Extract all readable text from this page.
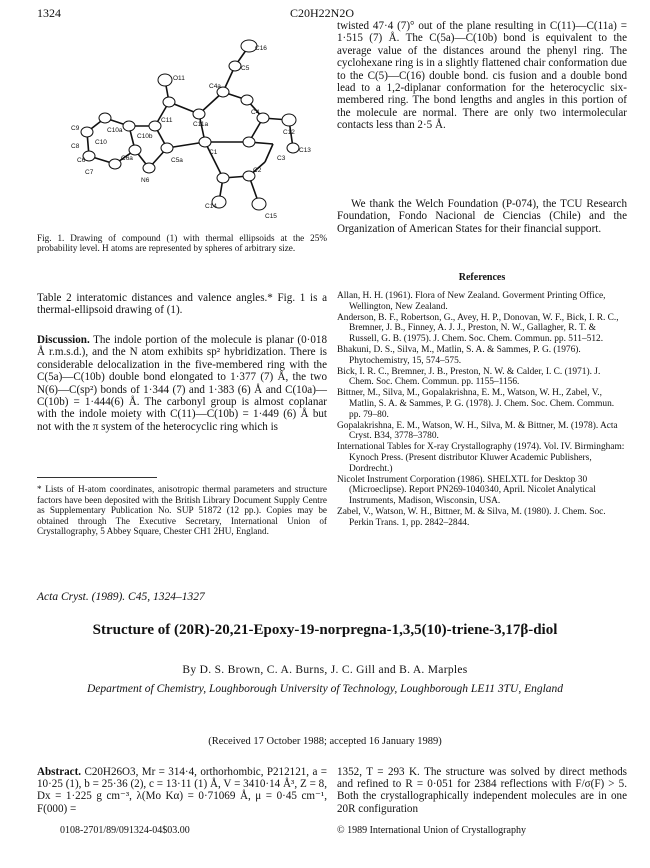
1324	C20H22N2O
C16
C5
C4a
O11
C11
C12
C4
C9	C10a
C10b
C11a
C13
C10
C6
C8
C7
C6a
N6
C5a
C1
C2
C3
C14
C15
Fig. 1. Drawing of compound (1) with thermal ellipsoids at the 25% probability level. H atoms are represented by spheres of arbitrary size.
Table 2 interatomic distances and valence angles.* Fig. 1 is a thermal-ellipsoid drawing of (1).

Discussion. The indole portion of the molecule is planar (0·018 Å r.m.s.d.), and the N atom exhibits sp² hybridization. There is considerable delocalization in the five-membered ring with the C(5a)—C(10b) double bond elongated to 1·377 (7) Å, the two N(6)—C(sp²) bonds of 1·344 (7) and 1·383 (6) Å and C(10a)—C(10b) = 1·444(6) Å. The carbonyl group is almost coplanar with the indole moiety with C(11)—C(10b) = 1·449 (6) Å but not with the π system of the heterocyclic ring which is

* Lists of H-atom coordinates, anisotropic thermal parameters and structure factors have been deposited with the British Library Document Supply Centre as Supplementary Publication No. SUP 51872 (12 pp.). Copies may be obtained through The Executive Secretary, International Union of Crystallography, 5 Abbey Square, Chester CH1 2HU, England.
twisted 47·4 (7)° out of the plane resulting in C(11)—C(11a) = 1·515 (7) Å. The C(5a)—C(10b) bond is equivalent to the average value of the distances around the phenyl ring. The cyclohexane ring is in a slightly flattened chair conformation due to the C(5)—C(16) double bond. cis fusion and a double bond lead to a 1,2-diplanar conformation for the heterocyclic six-membered ring. The bond lengths and angles in this portion of the molecule are normal. There are only two intermolecular contacts less than 2·5 Å.
We thank the Welch Foundation (P-074), the TCU Research Foundation, Fondo Nacional de Ciencias (Chile) and the Organization of American States for their financial support.
References

Allan, H. H. (1961). Flora of New Zealand. Goverment Printing Office, Wellington, New Zealand.

Anderson, B. F., Robertson, G., Avey, H. P., Donovan, W. F., Bick, I. R. C., Bremner, J. B., Finney, A. J. J., Preston, N. W., Gallagher, R. T. & Russell, G. B. (1975). J. Chem. Soc. Chem. Commun. pp. 511–512.

Bhakuni, D. S., Silva, M., Matlin, S. A. & Sammes, P. G. (1976). Phytochemistry, 15, 574–575.

Bick, I. R. C., Bremner, J. B., Preston, N. W. & Calder, I. C. (1971). J. Chem. Soc. Chem. Commun. pp. 1155–1156.

Bittner, M., Silva, M., Gopalakrishna, E. M., Watson, W. H., Zabel, V., Matlin, S. A. & Sammes, P. G. (1978). J. Chem. Soc. Chem. Commun. pp. 79–80.

Gopalakrishna, E. M., Watson, W. H., Silva, M. & Bittner, M. (1978). Acta Cryst. B34, 3778–3780.

International Tables for X-ray Crystallography (1974). Vol. IV. Birmingham: Kynoch Press. (Present distributor Kluwer Academic Publishers, Dordrecht.)

Nicolet Instrument Corporation (1986). SHELXTL for Desktop 30 (Microeclipse). Report PN269-1040340, April. Nicolet Analytical Instruments, Madison, Wisconsin, USA.

Zabel, V., Watson, W. H., Bittner, M. & Silva, M. (1980). J. Chem. Soc. Perkin Trans. 1, pp. 2842–2844.

Acta Cryst. (1989). C45, 1324–1327
Structure of (20R)-20,21-Epoxy-19-norpregna-1,3,5(10)-triene-3,17β-diol
By D. S. Brown, C. A. Burns, J. C. Gill and B. A. Marples
Department of Chemistry, Loughborough University of Technology, Loughborough LE11 3TU, England
(Received 17 October 1988; accepted 16 January 1989)

Abstract. C20H26O3, Mr = 314·4, orthorhombic, P212121, a = 10·25 (1), b = 25·36 (2), c = 13·11 (1) Å, V = 3410·14 Å³, Z = 8, Dx = 1·225 g cm⁻³, λ(Mo Kα) = 0·71069 Å, μ = 0·45 cm⁻¹, F(000) =

1352, T = 293 K. The structure was solved by direct methods and refined to R = 0·051 for 2384 reflections with F/σ(F) > 5. Both the crystallographically independent molecules are in one 20R configuration
0108-2701/89/091324-04$03.00	© 1989 International Union of Crystallography
